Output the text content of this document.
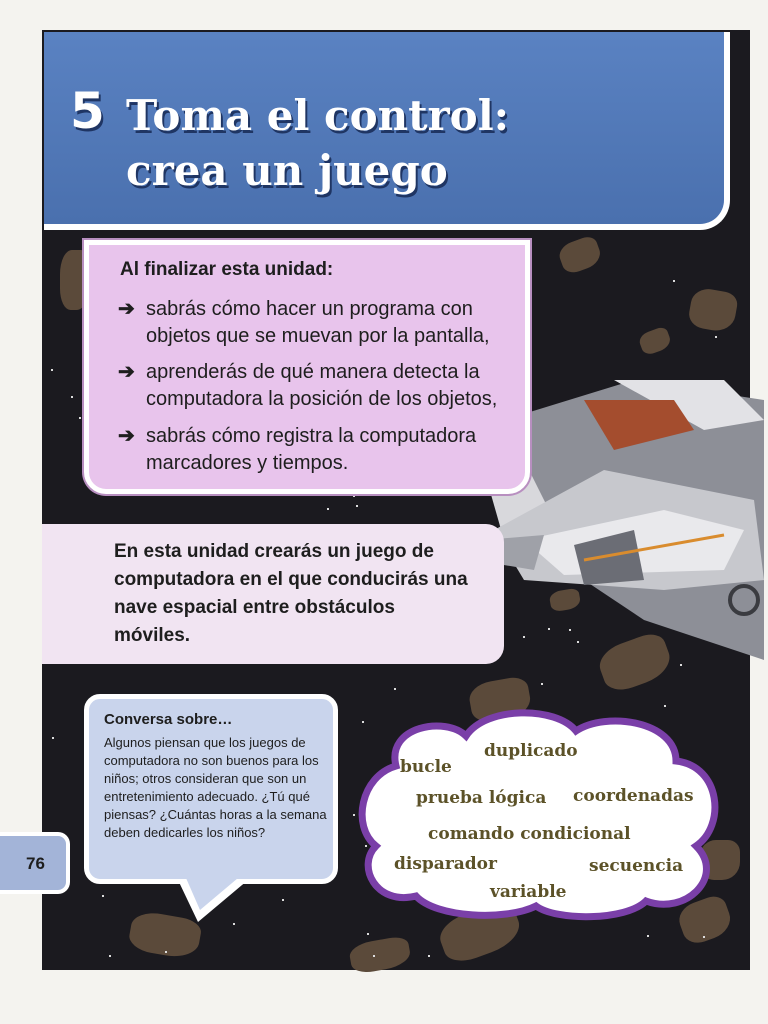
5 Toma el control:
crea un juego
Al finalizar esta unidad:
➔ sabrás cómo hacer un programa con objetos que se muevan por la pantalla,
➔ aprenderás de qué manera detecta la computadora la posición de los objetos,
➔ sabrás cómo registra la computadora marcadores y tiempos.

En esta unidad crearás un juego de computadora en el que conducirás una nave espacial entre obstáculos móviles.

Conversa sobre…

Algunos piensan que los juegos de computadora no son buenos para los niños; otros consideran que son un entretenimiento adecuado. ¿Tú qué piensas? ¿Cuántas horas a la semana deben dedicarles los niños?

76
bucle
duplicado
prueba lógica coordenadas
comando condicional
disparador	secuencia
variable
